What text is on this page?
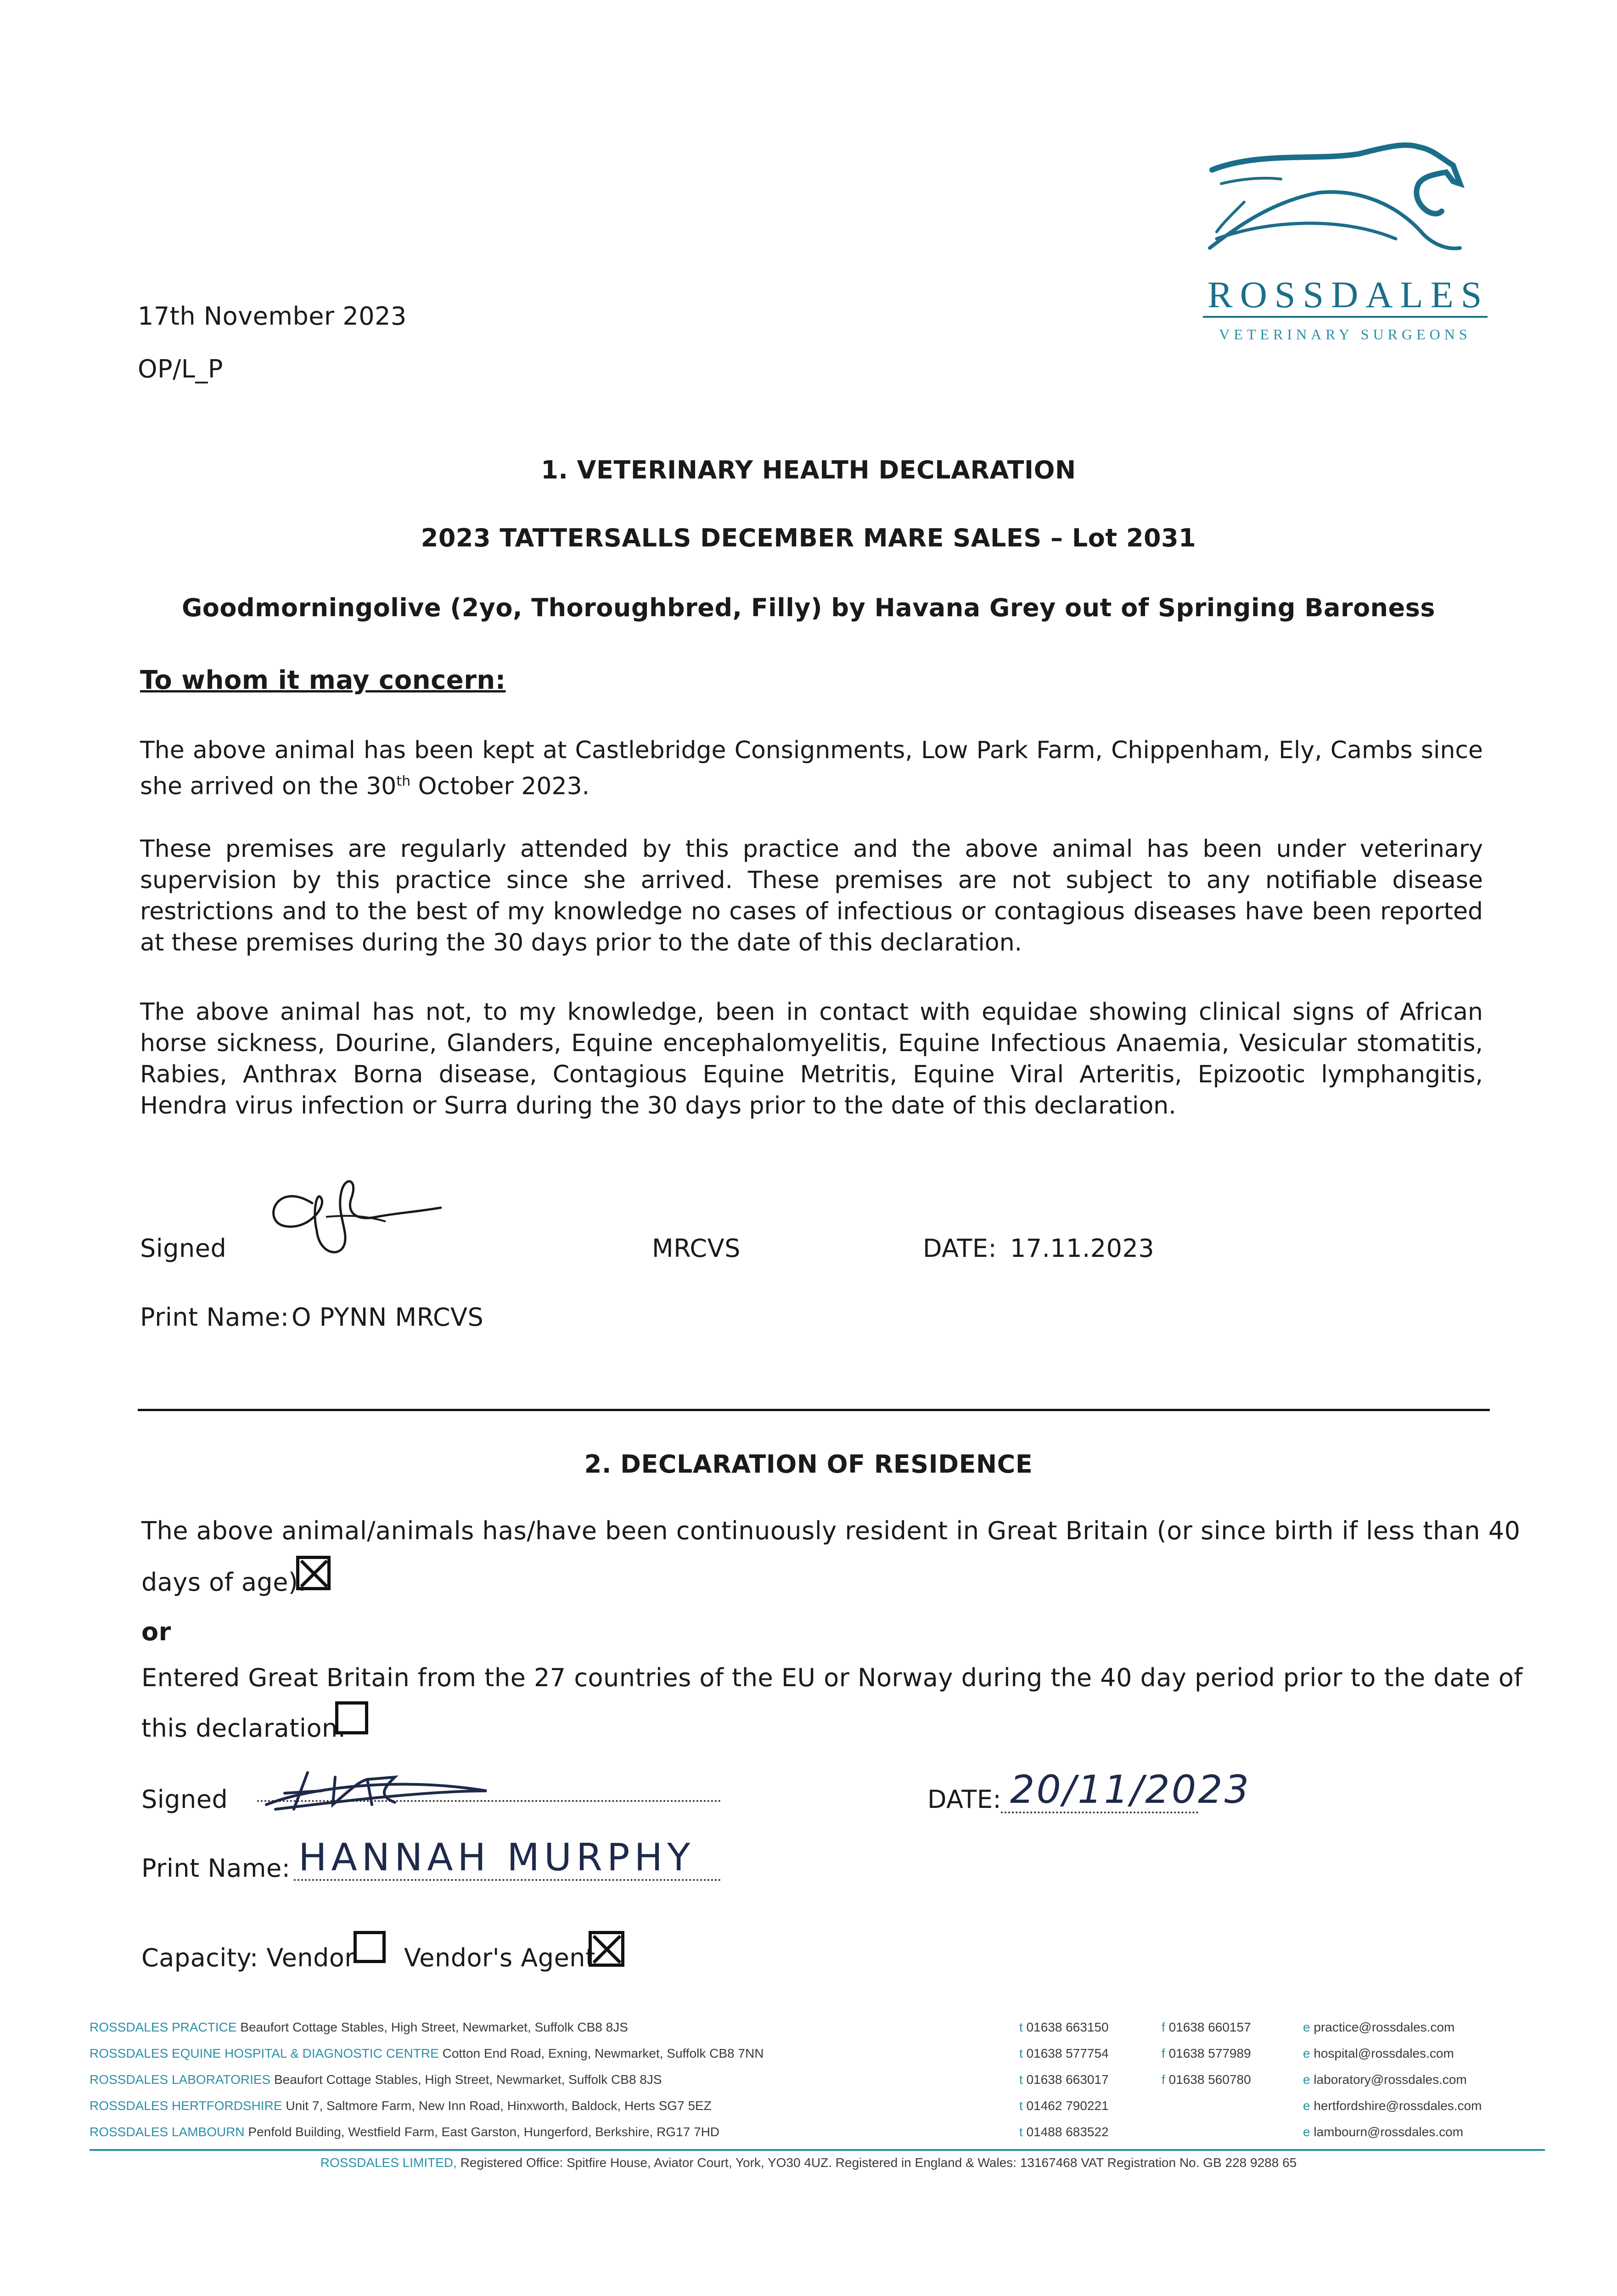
17th November 2023
OP/L_P
ROSSDALES
VETERINARY SURGEONS
1. VETERINARY HEALTH DECLARATION
2023 TATTERSALLS DECEMBER MARE SALES – Lot 2031
Goodmorningolive (2yo, Thoroughbred, Filly) by Havana Grey out of Springing Baroness
To whom it may concern:
The above animal has been kept at Castlebridge Consignments, Low Park Farm, Chippenham, Ely, Cambs since she arrived on the 30th October 2023.
These premises are regularly attended by this practice and the above animal has been under veterinary supervision by this practice since she arrived. These premises are not subject to any notifiable disease restrictions and to the best of my knowledge no cases of infectious or contagious diseases have been reported at these premises during the 30 days prior to the date of this declaration.
The above animal has not, to my knowledge, been in contact with equidae showing clinical signs of African horse sickness, Dourine, Glanders, Equine encephalomyelitis, Equine Infectious Anaemia, Vesicular stomatitis, Rabies, Anthrax Borna disease, Contagious Equine Metritis, Equine Viral Arteritis, Epizootic lymphangitis, Hendra virus infection or Surra during the 30 days prior to the date of this declaration.
Signed	MRCVS	DATE: 17.11.2023
Print Name: O PYNN MRCVS
2. DECLARATION OF RESIDENCE
The above animal/animals has/have been continuously resident in Great Britain (or since birth if less than 40
days of age).
or
Entered Great Britain from the 27 countries of the EU or Norway during the 40 day period prior to the date of
this declaration.
Signed	DATE: 20/11/2023
Print Name: HANNAH MURPHY
Capacity: Vendor Vendor's Agent
ROSSDALES PRACTICE Beaufort Cottage Stables, High Street, Newmarket, Suffolk CB8 8JS	t 01638 663150	f 01638 660157	e practice@rossdales.com
ROSSDALES EQUINE HOSPITAL & DIAGNOSTIC CENTRE Cotton End Road, Exning, Newmarket, Suffolk CB8 7NN	t 01638 577754	f 01638 577989	e hospital@rossdales.com
ROSSDALES LABORATORIES Beaufort Cottage Stables, High Street, Newmarket, Suffolk CB8 8JS	t 01638 663017	f 01638 560780	e laboratory@rossdales.com
ROSSDALES HERTFORDSHIRE Unit 7, Saltmore Farm, New Inn Road, Hinxworth, Baldock, Herts SG7 5EZ	t 01462 790221	e hertfordshire@rossdales.com
ROSSDALES LAMBOURN Penfold Building, Westfield Farm, East Garston, Hungerford, Berkshire, RG17 7HD	t 01488 683522	e lambourn@rossdales.com
ROSSDALES LIMITED, Registered Office: Spitfire House, Aviator Court, York, YO30 4UZ. Registered in England & Wales: 13167468 VAT Registration No. GB 228 9288 65
